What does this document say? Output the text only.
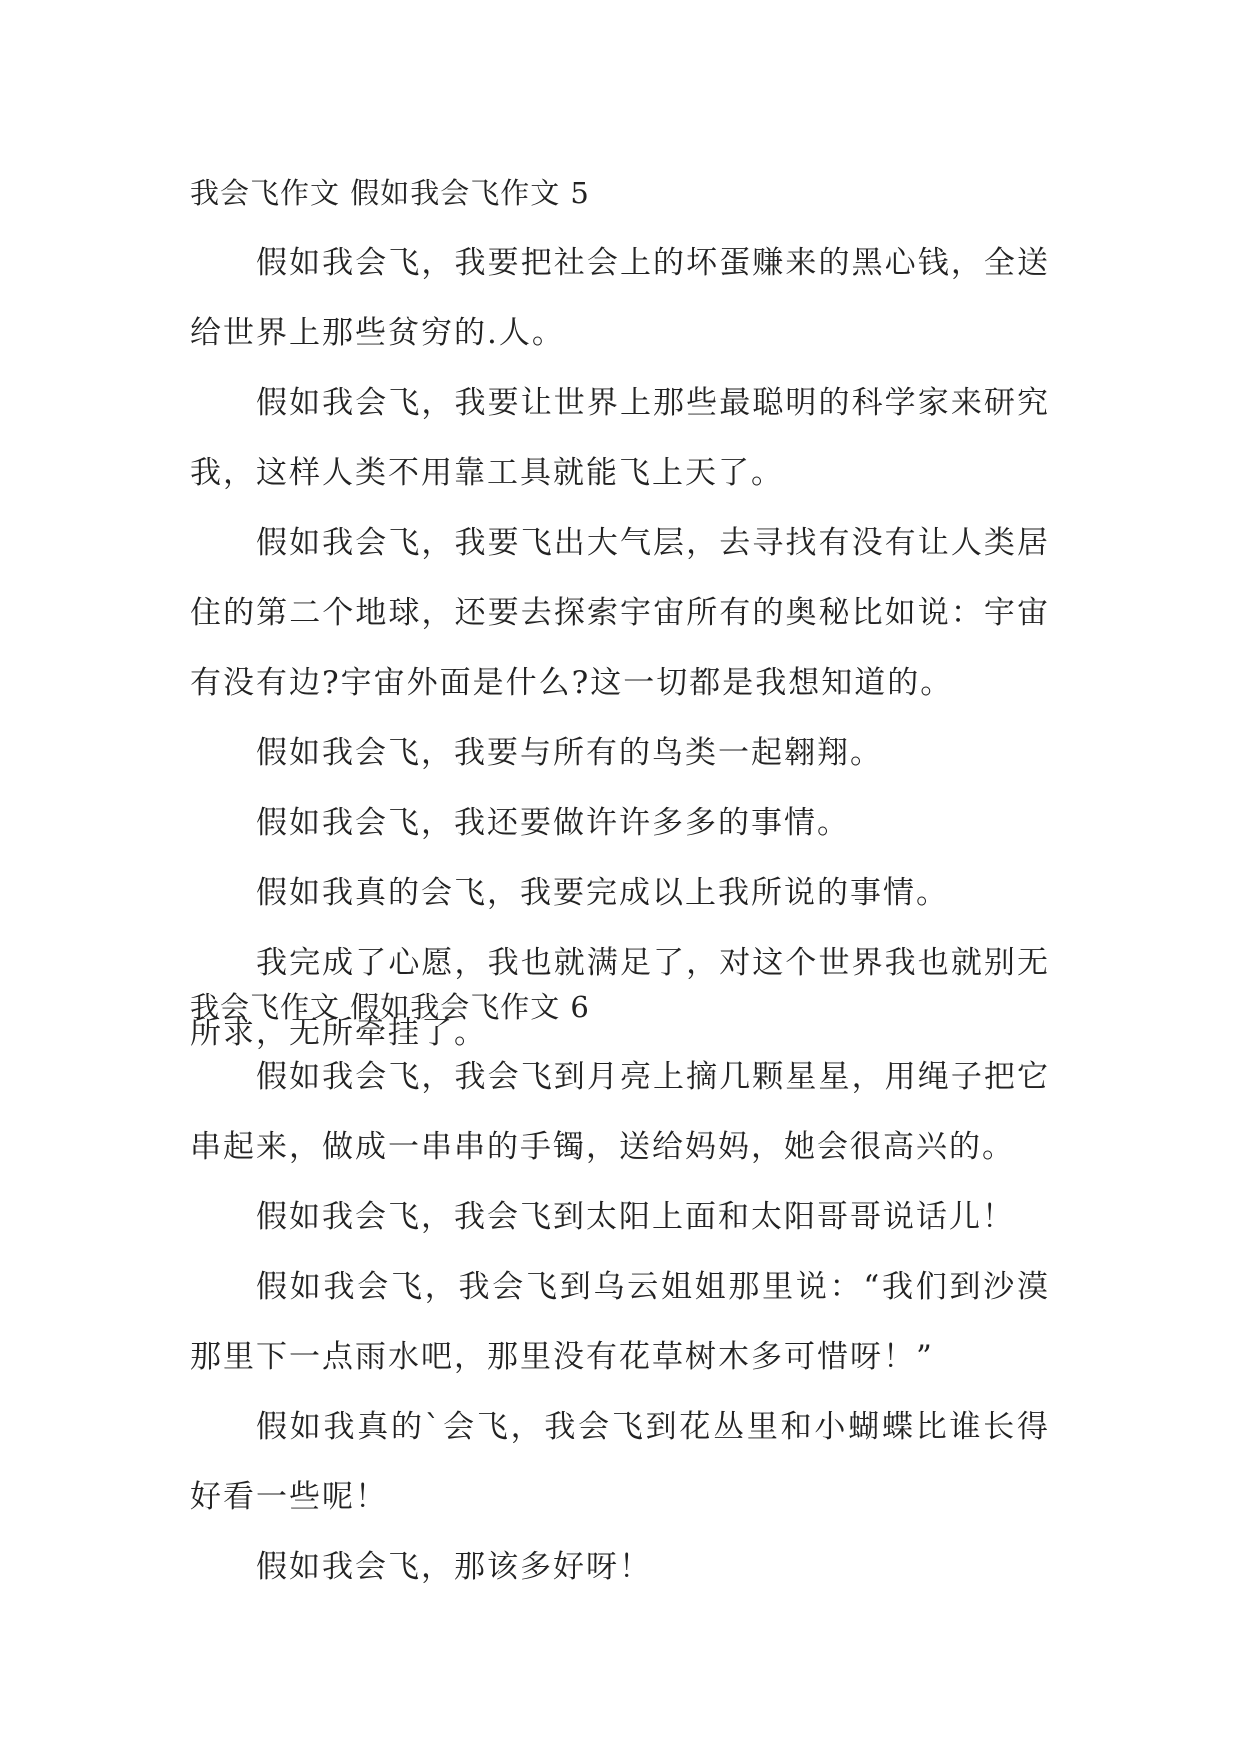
我会飞作文 假如我会飞作文 5

假如我会飞，我要把社会上的坏蛋赚来的黑心钱，全送给世界上那些贫穷的.人。

假如我会飞，我要让世界上那些最聪明的科学家来研究我，这样人类不用靠工具就能飞上天了。

假如我会飞，我要飞出大气层，去寻找有没有让人类居住的第二个地球，还要去探索宇宙所有的奥秘比如说：宇宙有没有边?宇宙外面是什么?这一切都是我想知道的。

假如我会飞，我要与所有的鸟类一起翱翔。

假如我会飞，我还要做许许多多的事情。

假如我真的会飞，我要完成以上我所说的事情。

我完成了心愿，我也就满足了，对这个世界我也就别无所求，无所牵挂了。

我会飞作文 假如我会飞作文 6

假如我会飞，我会飞到月亮上摘几颗星星，用绳子把它串起来，做成一串串的手镯，送给妈妈，她会很高兴的。

假如我会飞，我会飞到太阳上面和太阳哥哥说话儿！

假如我会飞，我会飞到乌云姐姐那里说：“我们到沙漠那里下一点雨水吧，那里没有花草树木多可惜呀！”

假如我真的`会飞，我会飞到花丛里和小蝴蝶比谁长得好看一些呢！

假如我会飞，那该多好呀！
